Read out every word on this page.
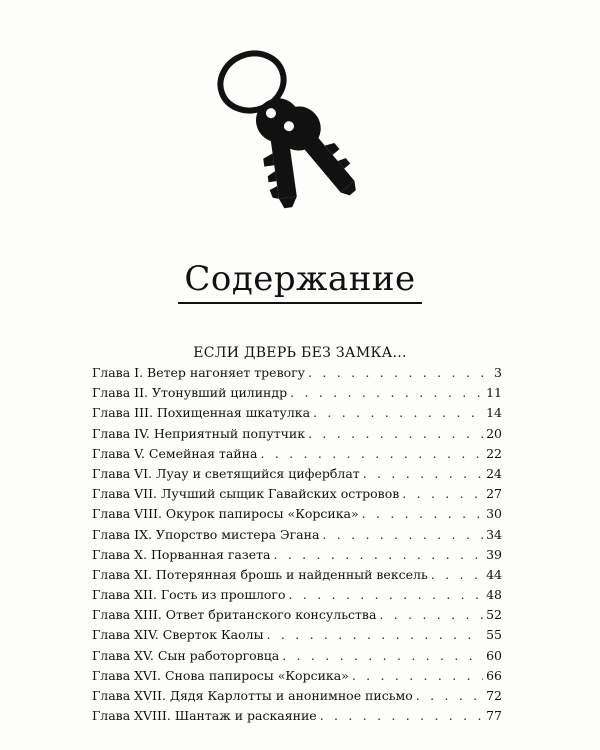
Содержание
ЕСЛИ ДВЕРЬ БЕЗ ЗАМКА...
Глава I. Ветер нагоняет тревогу . . .	3
Глава II. Утонувший цилиндр . . .	11
Глава III. Похищенная шкатулка . . .	14
Глава IV. Неприятный попутчик . . .	20
Глава V. Семейная тайна . . .	22
Глава VI. Луау и светящийся циферблат . . .	24
Глава VII. Лучший сыщик Гавайских островов . . .	27
Глава VIII. Окурок папиросы «Корсика» . . .	30
Глава IX. Упорство мистера Эгана . . .	34
Глава X. Порванная газета . . .	39
Глава XI. Потерянная брошь и найденный вексель . . .	44
Глава XII. Гость из прошлого . . .	48
Глава XIII. Ответ британского консульства . . .	52
Глава XIV. Сверток Каолы . . .	55
Глава XV. Сын работорговца . . .	60
Глава XVI. Снова папиросы «Корсика» . . .	66
Глава XVII. Дядя Карлотты и анонимное письмо . . .	72
Глава XVIII. Шантаж и раскаяние . . .	77
